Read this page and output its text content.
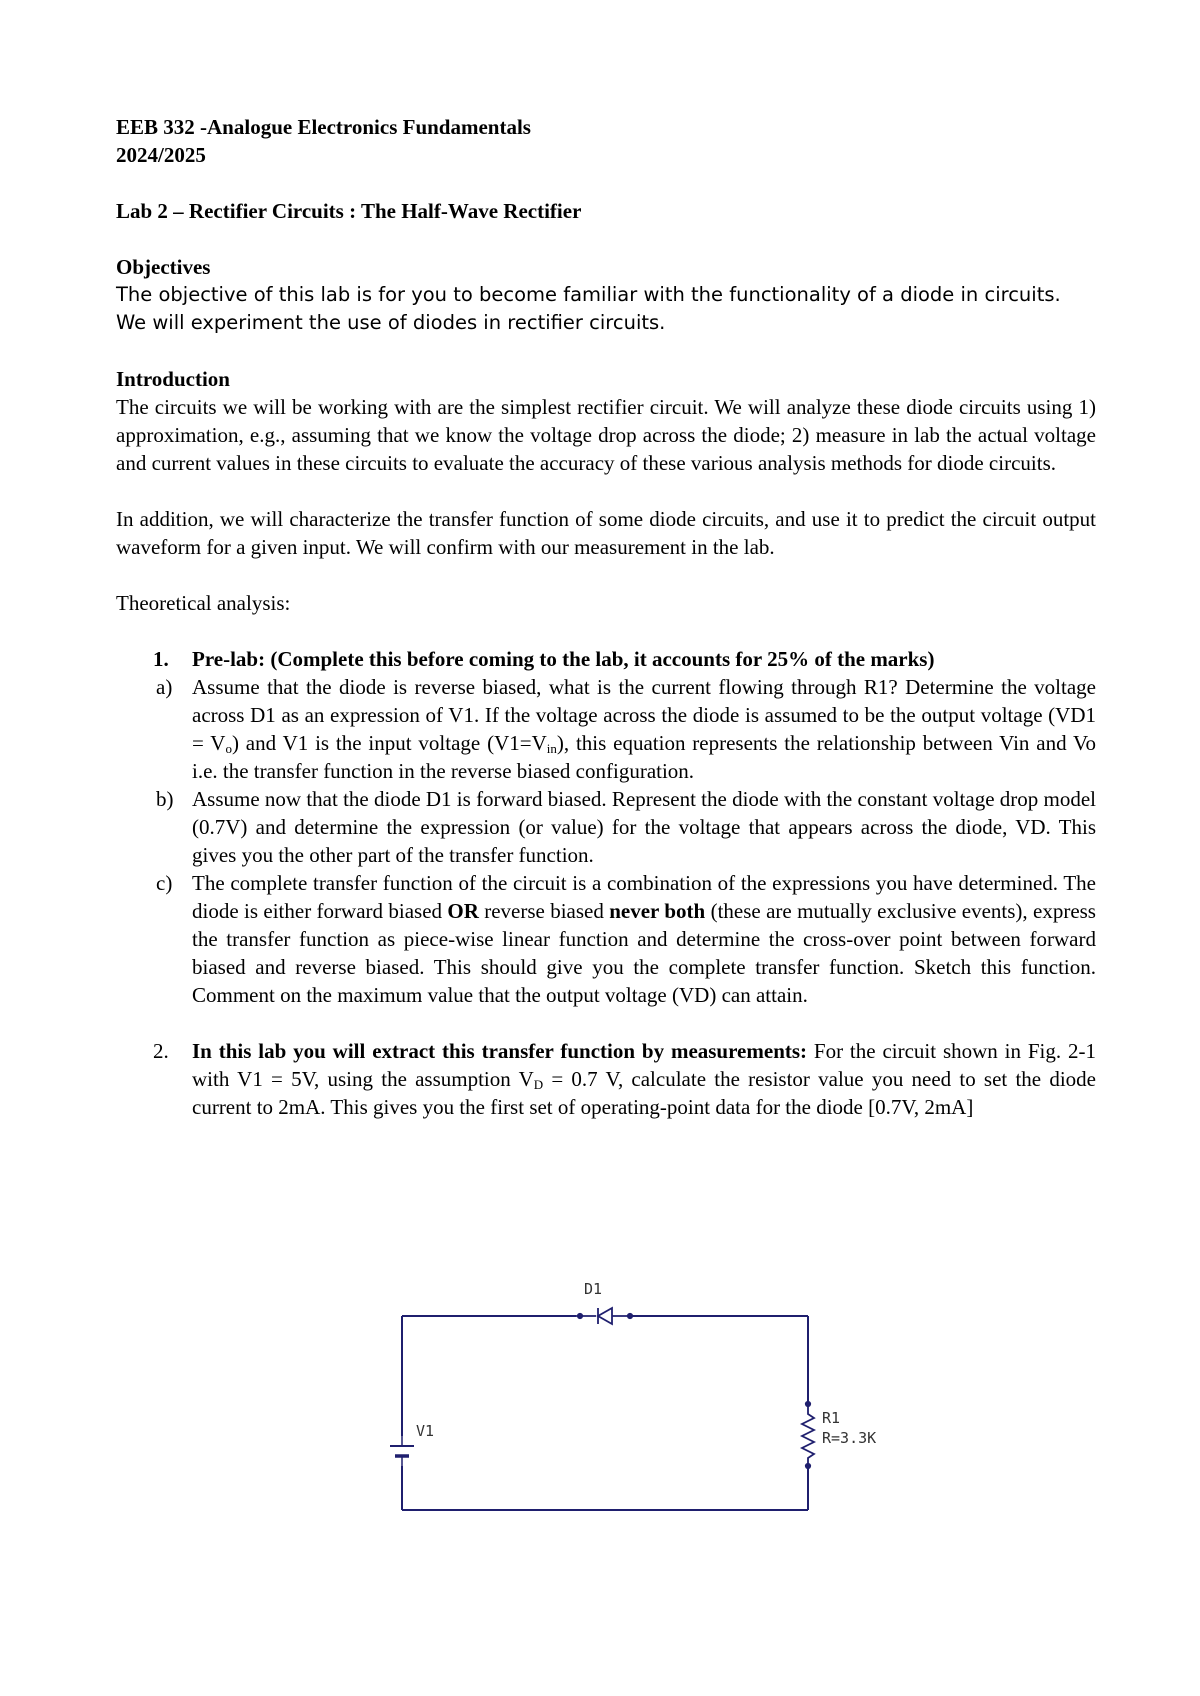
EEB 332 -Analogue Electronics Fundamentals

2024/2025

Lab 2 – Rectifier Circuits : The Half-Wave Rectifier

Objectives

The objective of this lab is for you to become familiar with the functionality of a diode in circuits. We will experiment the use of diodes in rectifier circuits.

Introduction

The circuits we will be working with are the simplest rectifier circuit. We will analyze these diode circuits using 1) approximation, e.g., assuming that we know the voltage drop across the diode; 2) measure in lab the actual voltage and current values in these circuits to evaluate the accuracy of these various analysis methods for diode circuits.

In addition, we will characterize the transfer function of some diode circuits, and use it to predict the circuit output waveform for a given input. We will confirm with our measurement in the lab.

Theoretical analysis:

1. Pre-lab: (Complete this before coming to the lab, it accounts for 25% of the marks)
a) Assume that the diode is reverse biased, what is the current flowing through R1? Determine the voltage across D1 as an expression of V1. If the voltage across the diode is assumed to be the output voltage $(VD1 = V_o)$ and V1 is the input voltage $(V1=V_{in})$, this equation represents the relationship between Vin and Vo i.e. the transfer function in the reverse biased configuration.
b) Assume now that the diode D1 is forward biased. Represent the diode with the constant voltage drop model (0.7V) and determine the expression (or value) for the voltage that appears across the diode, VD. This gives you the other part of the transfer function.
c) The complete transfer function of the circuit is a combination of the expressions you have determined. The diode is either forward biased OR reverse biased never both (these are mutually exclusive events), express the transfer function as piece-wise linear function and determine the cross-over point between forward biased and reverse biased. This should give you the complete transfer function. Sketch this function. Comment on the maximum value that the output voltage (VD) can attain.
2. In this lab you will extract this transfer function by measurements: For the circuit shown in Fig. 2-1 with V1 = 5V, using the assumption $V_D = 0.7$ V, calculate the resistor value you need to set the diode current to 2mA. This gives you the first set of operating-point data for the diode [0.7V, 2mA]
D1
V1
R1
R=3.3K
